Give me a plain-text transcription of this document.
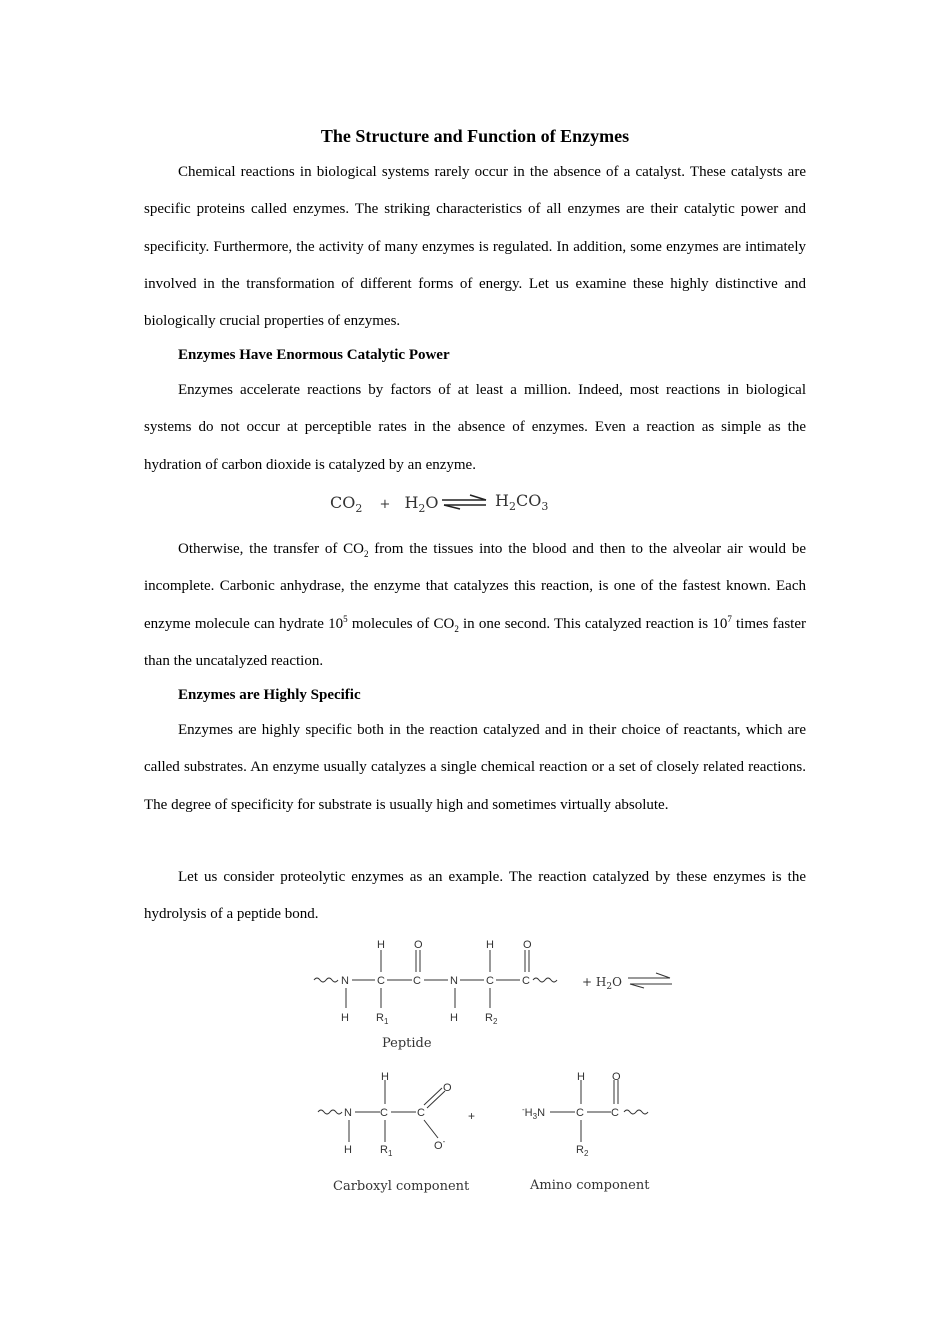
The Structure and Function of Enzymes

Chemical reactions in biological systems rarely occur in the absence of a catalyst. These catalysts are specific proteins called enzymes. The striking characteristics of all enzymes are their catalytic power and specificity. Furthermore, the activity of many enzymes is regulated. In addition, some enzymes are intimately involved in the transformation of different forms of energy. Let us examine these highly distinctive and biologically crucial properties of enzymes.

Enzymes Have Enormous Catalytic Power

Enzymes accelerate reactions by factors of at least a million. Indeed, most reactions in biological systems do not occur at perceptible rates in the absence of enzymes. Even a reaction as simple as the hydration of carbon dioxide is catalyzed by an enzyme.

Otherwise, the transfer of $CO_2$ from the tissues into the blood and then to the alveolar air would be incomplete. Carbonic anhydrase, the enzyme that catalyzes this reaction, is one of the fastest known. Each enzyme molecule can hydrate $10^5$ molecules of $CO_2$ in one second. This catalyzed reaction is $10^7$ times faster than the uncatalyzed reaction.

Enzymes are Highly Specific

Enzymes are highly specific both in the reaction catalyzed and in their choice of reactants, which are called substrates. An enzyme usually catalyzes a single chemical reaction or a set of closely related reactions. The degree of specificity for substrate is usually high and sometimes virtually absolute.

Let us consider proteolytic enzymes as an example. The reaction catalyzed by these enzymes is the hydrolysis of a peptide bond.

$CO_2 + H_2O$ ⇌ $H_2CO_3$
H	O
N	C	C	N	C	C
H	O
H $R_1$	H $R_2$
+ $H_2O$
H
N	C	C
O
O-
H	$R_1$
+	$^-H_3N$	C C
H O
$R_2$
Peptide
Carboxyl component	Amino component
